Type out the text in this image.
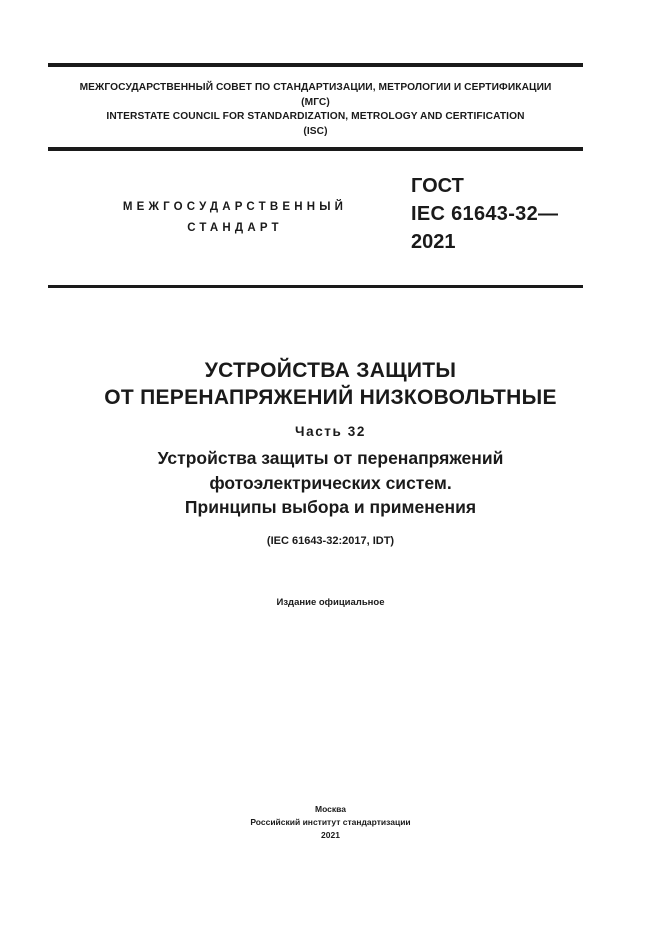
МЕЖГОСУДАРСТВЕННЫЙ СОВЕТ ПО СТАНДАРТИЗАЦИИ, МЕТРОЛОГИИ И СЕРТИФИКАЦИИ
(МГС)
INTERSTATE COUNCIL FOR STANDARDIZATION, METROLOGY AND CERTIFICATION
(ISC)
МЕЖГОСУДАРСТВЕННЫЙ
СТАНДАРТ
ГОСТ
IEC 61643-32—
2021
УСТРОЙСТВА ЗАЩИТЫ
ОТ ПЕРЕНАПРЯЖЕНИЙ НИЗКОВОЛЬТНЫЕ
Часть 32
Устройства защиты от перенапряжений
фотоэлектрических систем.
Принципы выбора и применения
(IEC 61643-32:2017, IDT)
Издание официальное
Москва
Российский институт стандартизации
2021
